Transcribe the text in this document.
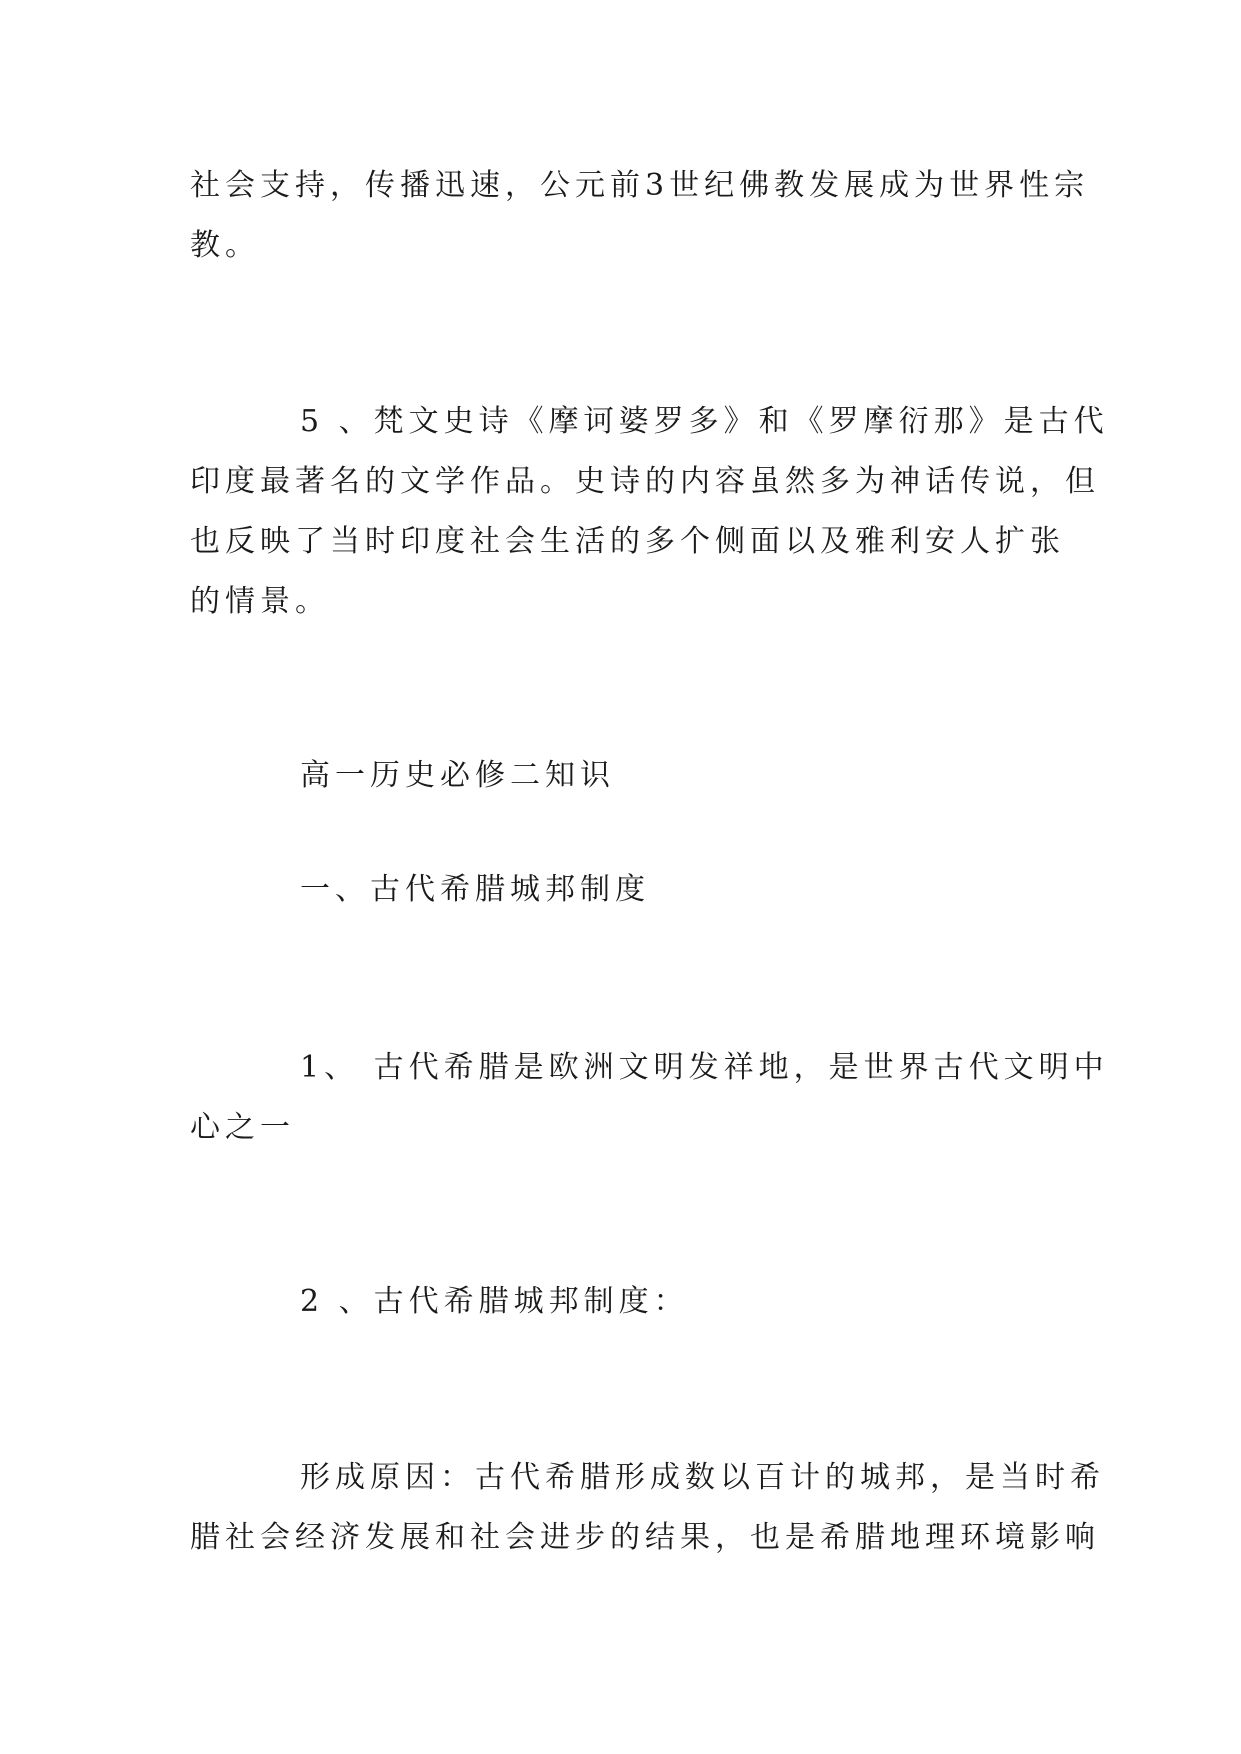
社会支持，传播迅速，公元前3世纪佛教发展成为世界性宗
教。
5 、梵文史诗《摩诃婆罗多》和《罗摩衍那》是古代
印度最著名的文学作品。史诗的内容虽然多为神话传说，但
也反映了当时印度社会生活的多个侧面以及雅利安人扩张
的情景。
高一历史必修二知识
一、古代希腊城邦制度
1、 古代希腊是欧洲文明发祥地，是世界古代文明中
心之一
2 、古代希腊城邦制度：
形成原因：古代希腊形成数以百计的城邦，是当时希
腊社会经济发展和社会进步的结果，也是希腊地理环境影响
